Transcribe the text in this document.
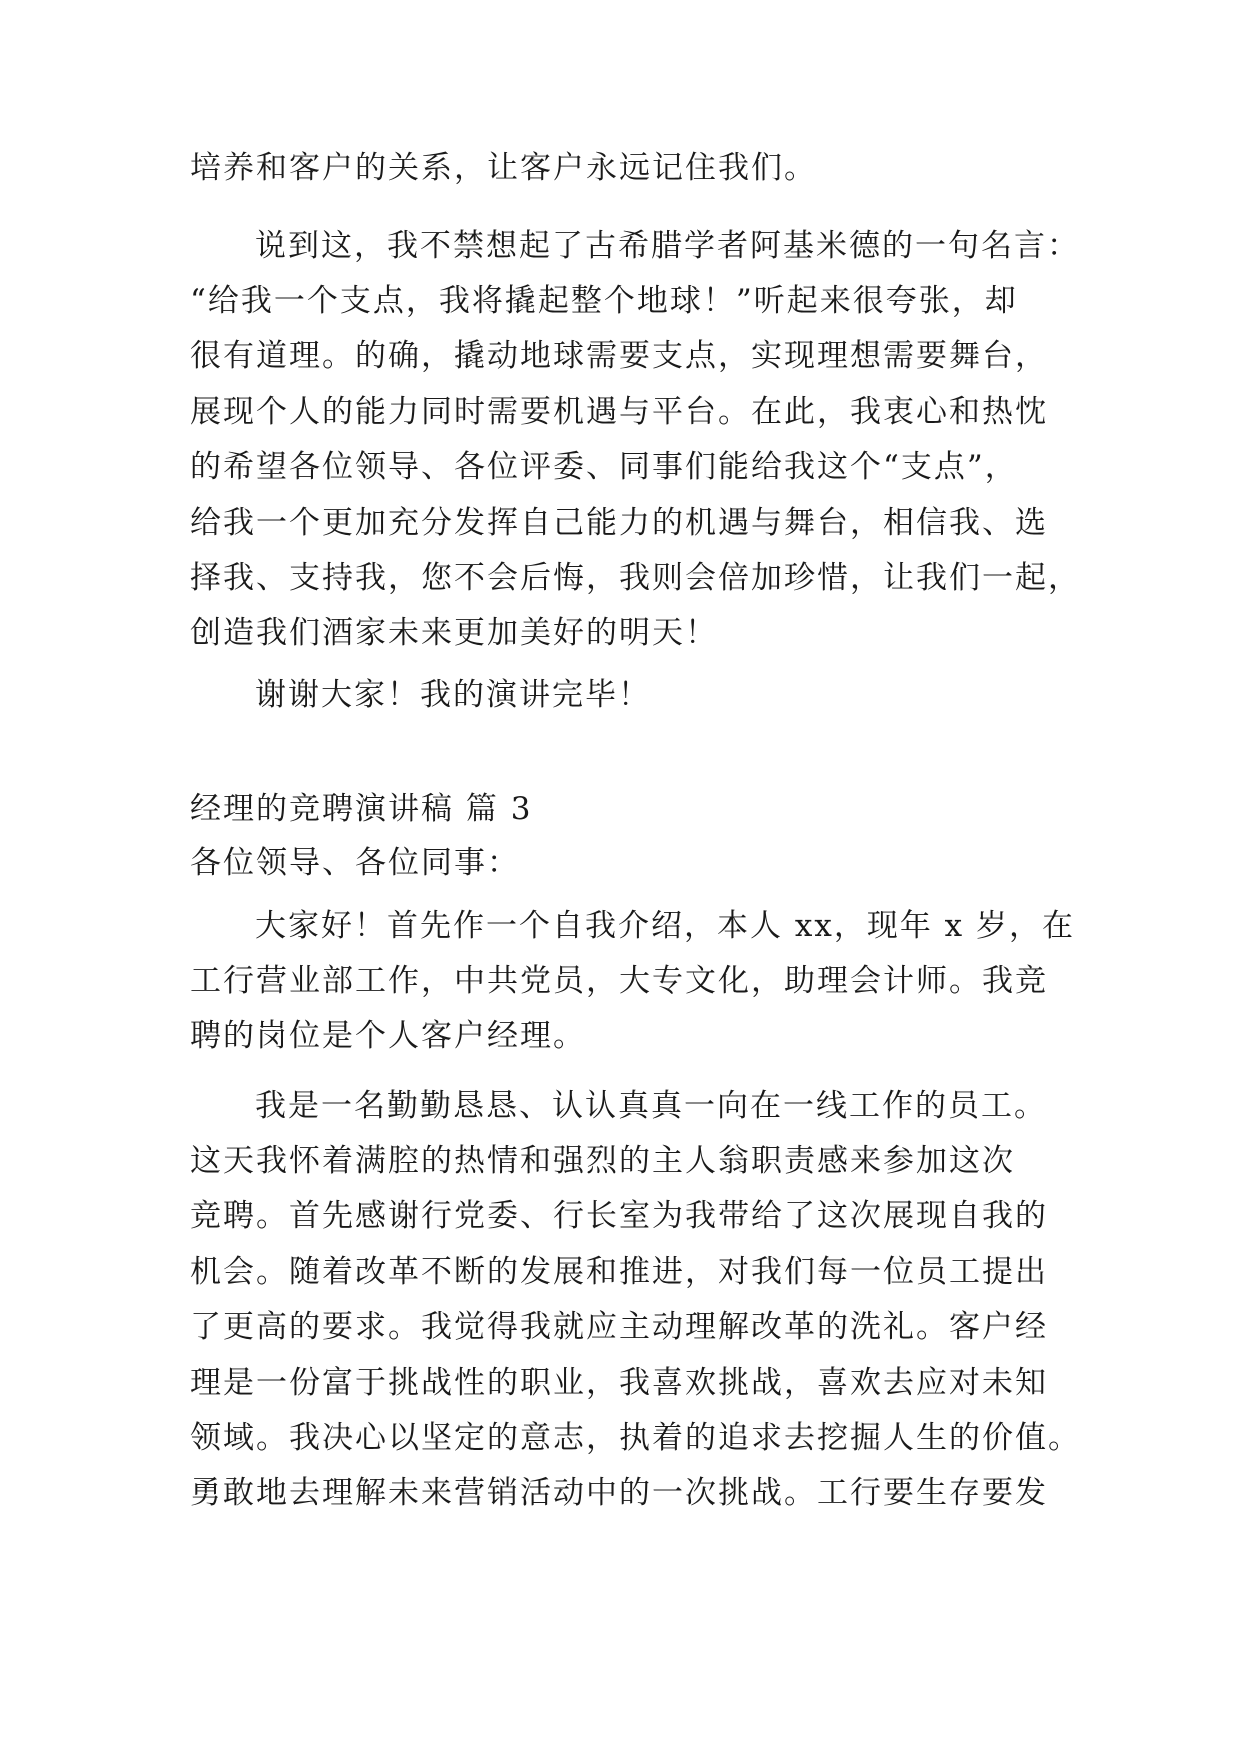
培养和客户的关系，让客户永远记住我们。
说到这，我不禁想起了古希腊学者阿基米德的一句名言：
“给我一个支点，我将撬起整个地球！”听起来很夸张，却
很有道理。的确，撬动地球需要支点，实现理想需要舞台，
展现个人的能力同时需要机遇与平台。在此，我衷心和热忱
的希望各位领导、各位评委、同事们能给我这个“支点”，
给我一个更加充分发挥自己能力的机遇与舞台，相信我、选
择我、支持我，您不会后悔，我则会倍加珍惜，让我们一起，
创造我们酒家未来更加美好的明天！
谢谢大家！我的演讲完毕！
经理的竞聘演讲稿 篇 3
各位领导、各位同事：
大家好！首先作一个自我介绍，本人 xx，现年 x 岁，在
工行营业部工作，中共党员，大专文化，助理会计师。我竞
聘的岗位是个人客户经理。
我是一名勤勤恳恳、认认真真一向在一线工作的员工。
这天我怀着满腔的热情和强烈的主人翁职责感来参加这次
竞聘。首先感谢行党委、行长室为我带给了这次展现自我的
机会。随着改革不断的发展和推进，对我们每一位员工提出
了更高的要求。我觉得我就应主动理解改革的洗礼。客户经
理是一份富于挑战性的职业，我喜欢挑战，喜欢去应对未知
领域。我决心以坚定的意志，执着的追求去挖掘人生的价值。
勇敢地去理解未来营销活动中的一次挑战。工行要生存要发
